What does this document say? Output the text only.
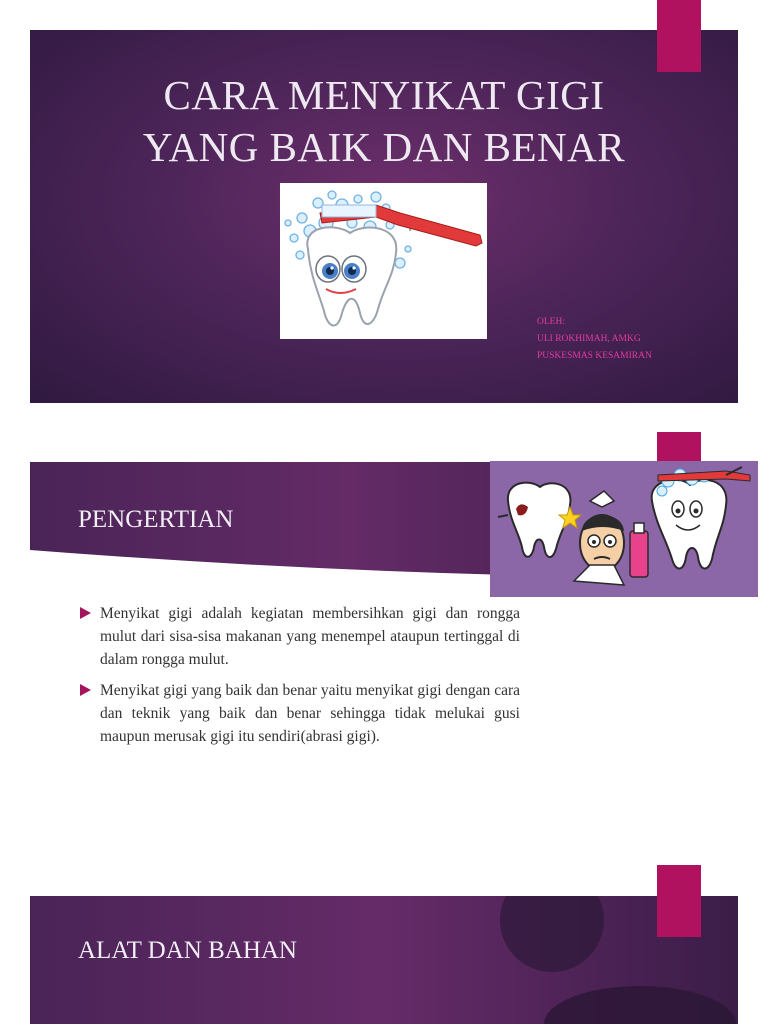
CARA MENYIKAT GIGI
YANG BAIK DAN BENAR
OLEH:
ULI ROKHIMAH, AMKG
PUSKESMAS KESAMIRAN
PENGERTIAN

Menyikat gigi adalah kegiatan membersihkan gigi dan rongga mulut dari sisa-sisa makanan yang menempel ataupun tertinggal di dalam rongga mulut.

Menyikat gigi yang baik dan benar yaitu menyikat gigi dengan cara dan teknik yang baik dan benar sehingga tidak melukai gusi maupun merusak gigi itu sendiri(abrasi gigi).

ALAT DAN BAHAN
